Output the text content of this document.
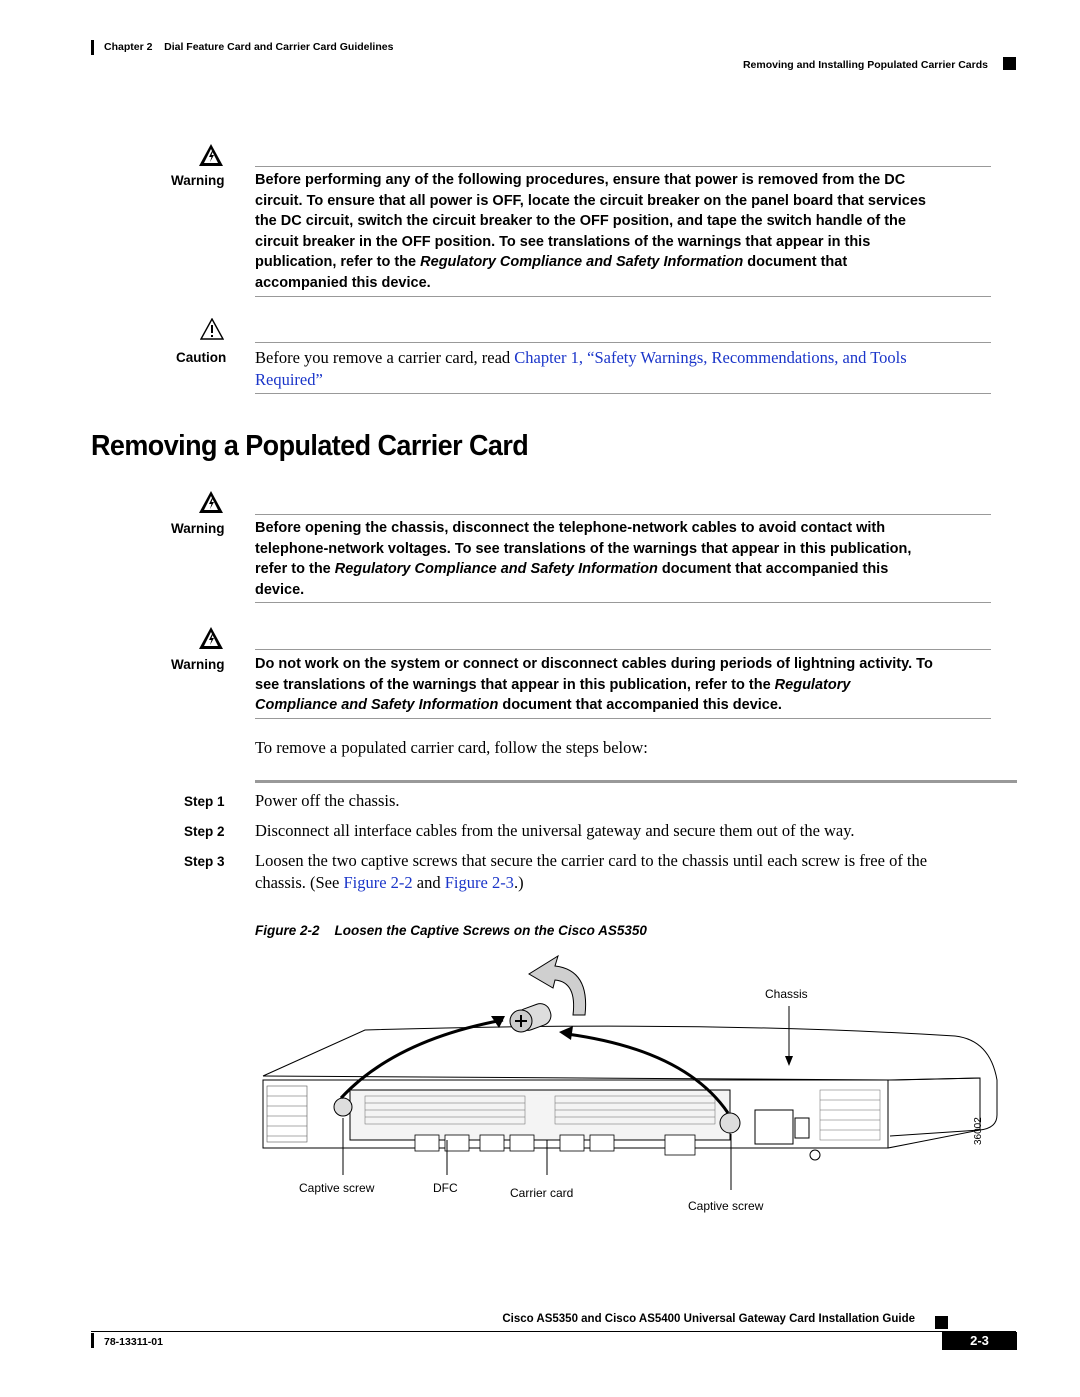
Chapter 2 Dial Feature Card and Carrier Card Guidelines
Removing and Installing Populated Carrier Cards
Warning Before performing any of the following procedures, ensure that power is removed from the DC
circuit. To ensure that all power is OFF, locate the circuit breaker on the panel board that services
the DC circuit, switch the circuit breaker to the OFF position, and tape the switch handle of the
circuit breaker in the OFF position. To see translations of the warnings that appear in this
publication, refer to the Regulatory Compliance and Safety Information document that
accompanied this device.
Caution Before you remove a carrier card, read Chapter 1, “Safety Warnings, Recommendations, and Tools
Required”
Removing a Populated Carrier Card
Warning Before opening the chassis, disconnect the telephone-network cables to avoid contact with
telephone-network voltages. To see translations of the warnings that appear in this publication,
refer to the Regulatory Compliance and Safety Information document that accompanied this
device.
Warning Do not work on the system or connect or disconnect cables during periods of lightning activity. To
see translations of the warnings that appear in this publication, refer to the Regulatory
Compliance and Safety Information document that accompanied this device.
To remove a populated carrier card, follow the steps below:
Step 1 Power off the chassis.
Step 2 Disconnect all interface cables from the universal gateway and secure them out of the way.
Step 3 Loosen the two captive screws that secure the carrier card to the chassis until each screw is free of the
chassis. (See Figure 2-2 and Figure 2-3.)
Figure 2-2 Loosen the Captive Screws on the Cisco AS5350
Chassis
Captive screw	DFC	Carrier card
Captive screw
36002
Cisco AS5350 and Cisco AS5400 Universal Gateway Card Installation Guide
78-13311-01	2-3
